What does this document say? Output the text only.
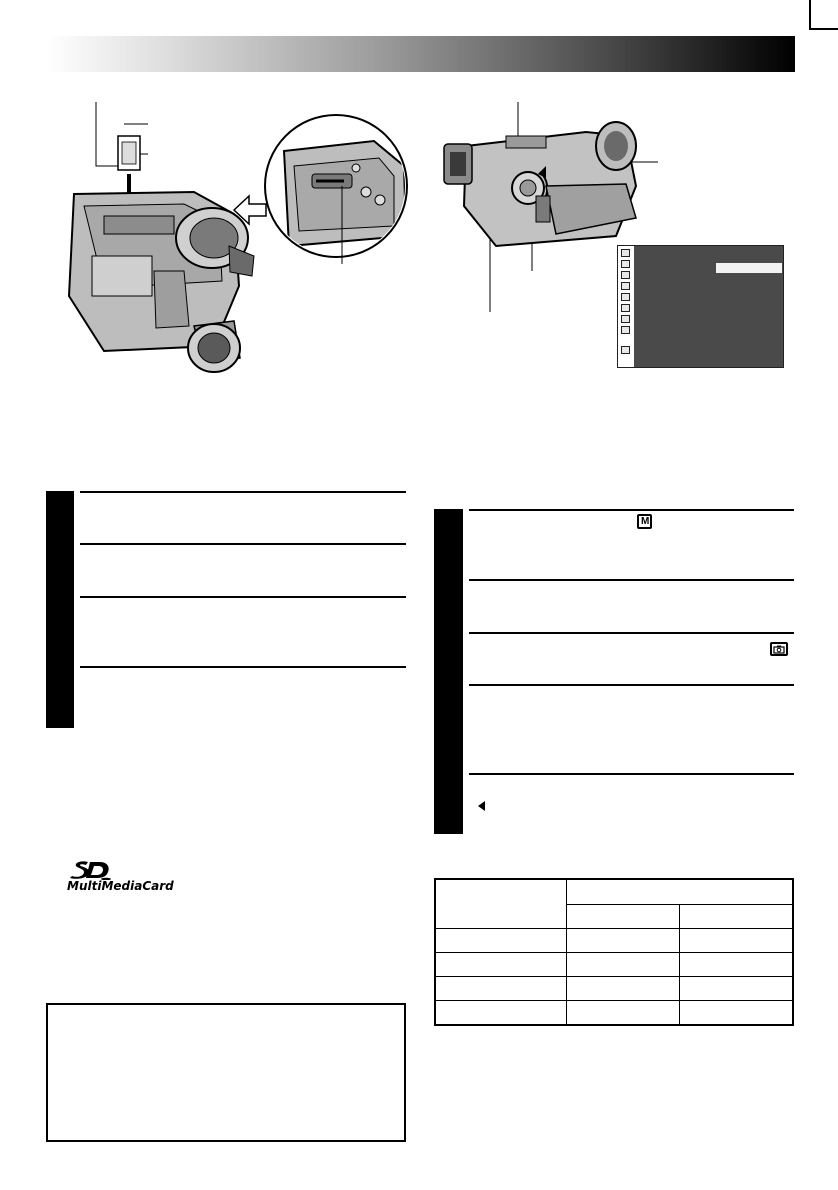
MultiMediaCard
M
